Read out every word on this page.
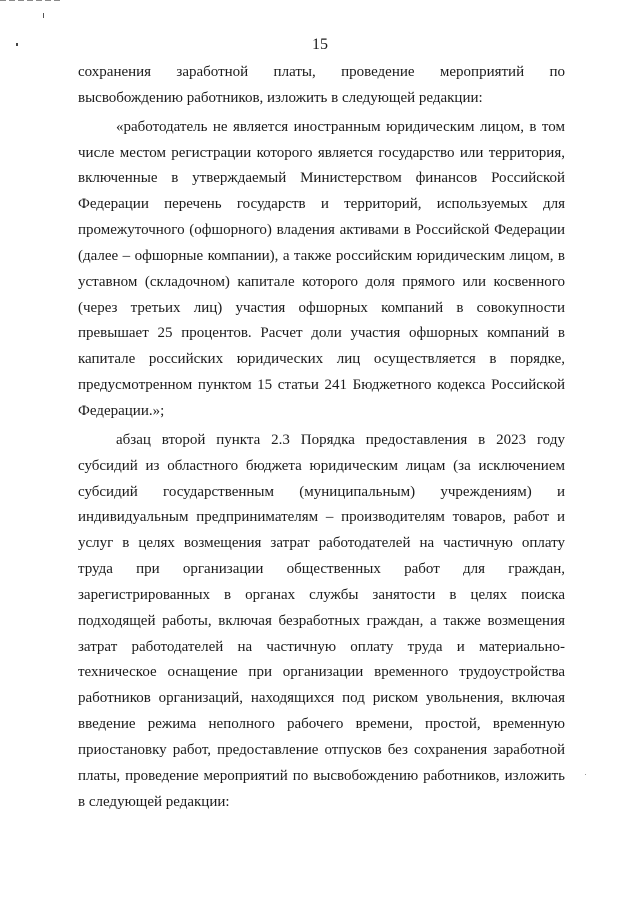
15
сохранения заработной платы, проведение мероприятий по
высвобождению работников, изложить в следующей редакции:
«работодатель не является иностранным юридическим лицом, в том
числе местом регистрации которого является государство или территория,
включенные в утверждаемый Министерством финансов Российской
Федерации перечень государств и территорий, используемых для
промежуточного (офшорного) владения активами в Российской Федерации
(далее – офшорные компании), а также российским юридическим лицом, в
уставном (складочном) капитале которого доля прямого или косвенного
(через третьих лиц) участия офшорных компаний в совокупности
превышает 25 процентов. Расчет доли участия офшорных компаний в
капитале российских юридических лиц осуществляется в порядке,
предусмотренном пунктом 15 статьи 241 Бюджетного кодекса Российской
Федерации.»;
абзац второй пункта 2.3 Порядка предоставления в 2023 году
субсидий из областного бюджета юридическим лицам (за исключением
субсидий государственным (муниципальным) учреждениям) и
индивидуальным предпринимателям – производителям товаров, работ и
услуг в целях возмещения затрат работодателей на частичную оплату
труда при организации общественных работ для граждан,
зарегистрированных в органах службы занятости в целях поиска
подходящей работы, включая безработных граждан, а также возмещения
затрат работодателей на частичную оплату труда и материально-
техническое оснащение при организации временного трудоустройства
работников организаций, находящихся под риском увольнения, включая
введение режима неполного рабочего времени, простой, временную
приостановку работ, предоставление отпусков без сохранения заработной
платы, проведение мероприятий по высвобождению работников, изложить
в следующей редакции:
